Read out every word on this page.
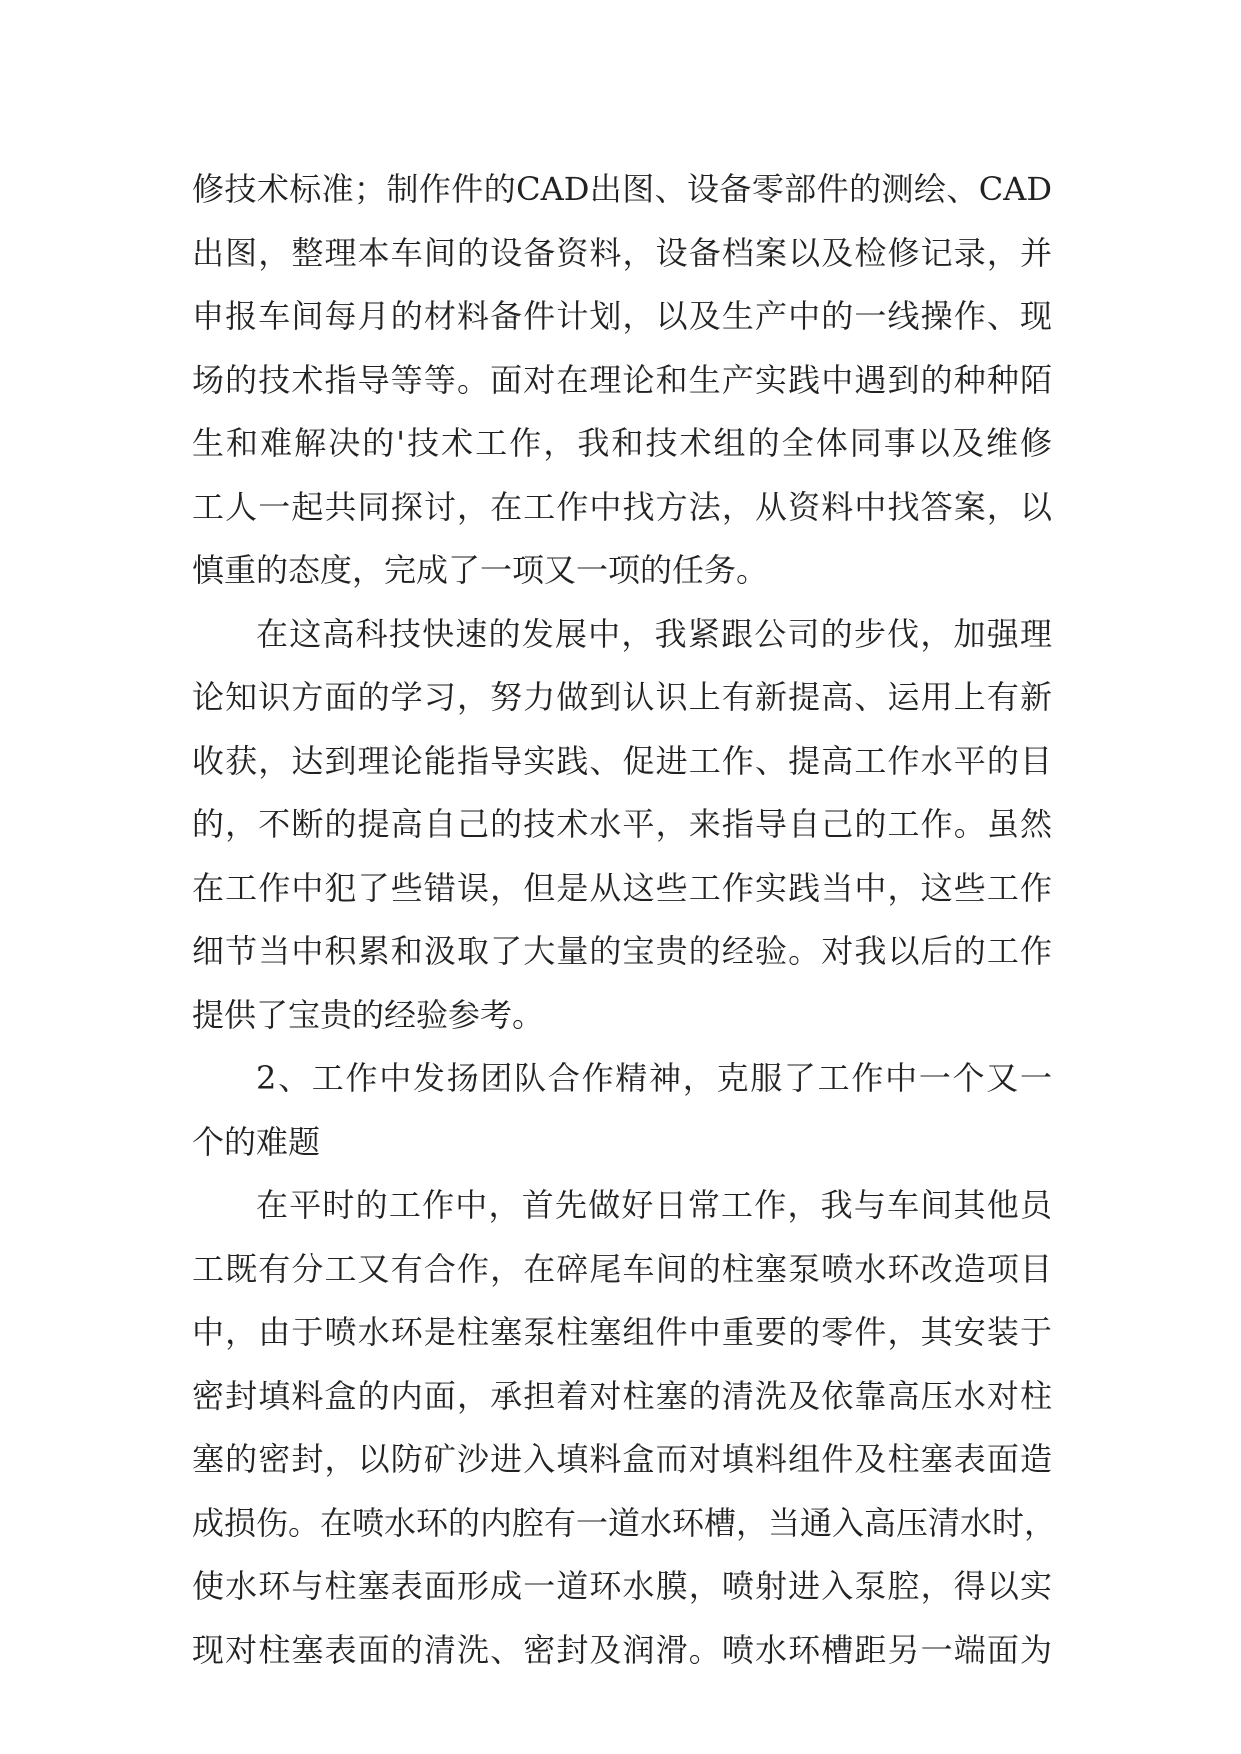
修技术标准；制作件的CAD出图、设备零部件的测绘、CAD
出图，整理本车间的设备资料，设备档案以及检修记录，并
申报车间每月的材料备件计划，以及生产中的一线操作、现
场的技术指导等等。面对在理论和生产实践中遇到的种种陌
生和难解决的'技术工作，我和技术组的全体同事以及维修
工人一起共同探讨，在工作中找方法，从资料中找答案，以
慎重的态度，完成了一项又一项的任务。
在这高科技快速的发展中，我紧跟公司的步伐，加强理
论知识方面的学习，努力做到认识上有新提高、运用上有新
收获，达到理论能指导实践、促进工作、提高工作水平的目
的，不断的提高自己的技术水平，来指导自己的工作。虽然
在工作中犯了些错误，但是从这些工作实践当中，这些工作
细节当中积累和汲取了大量的宝贵的经验。对我以后的工作
提供了宝贵的经验参考。
2、工作中发扬团队合作精神，克服了工作中一个又一
个的难题
在平时的工作中，首先做好日常工作，我与车间其他员
工既有分工又有合作，在碎尾车间的柱塞泵喷水环改造项目
中，由于喷水环是柱塞泵柱塞组件中重要的零件，其安装于
密封填料盒的内面，承担着对柱塞的清洗及依靠高压水对柱
塞的密封，以防矿沙进入填料盒而对填料组件及柱塞表面造
成损伤。在喷水环的内腔有一道水环槽，当通入高压清水时，
使水环与柱塞表面形成一道环水膜，喷射进入泵腔，得以实
现对柱塞表面的清洗、密封及润滑。喷水环槽距另一端面为
